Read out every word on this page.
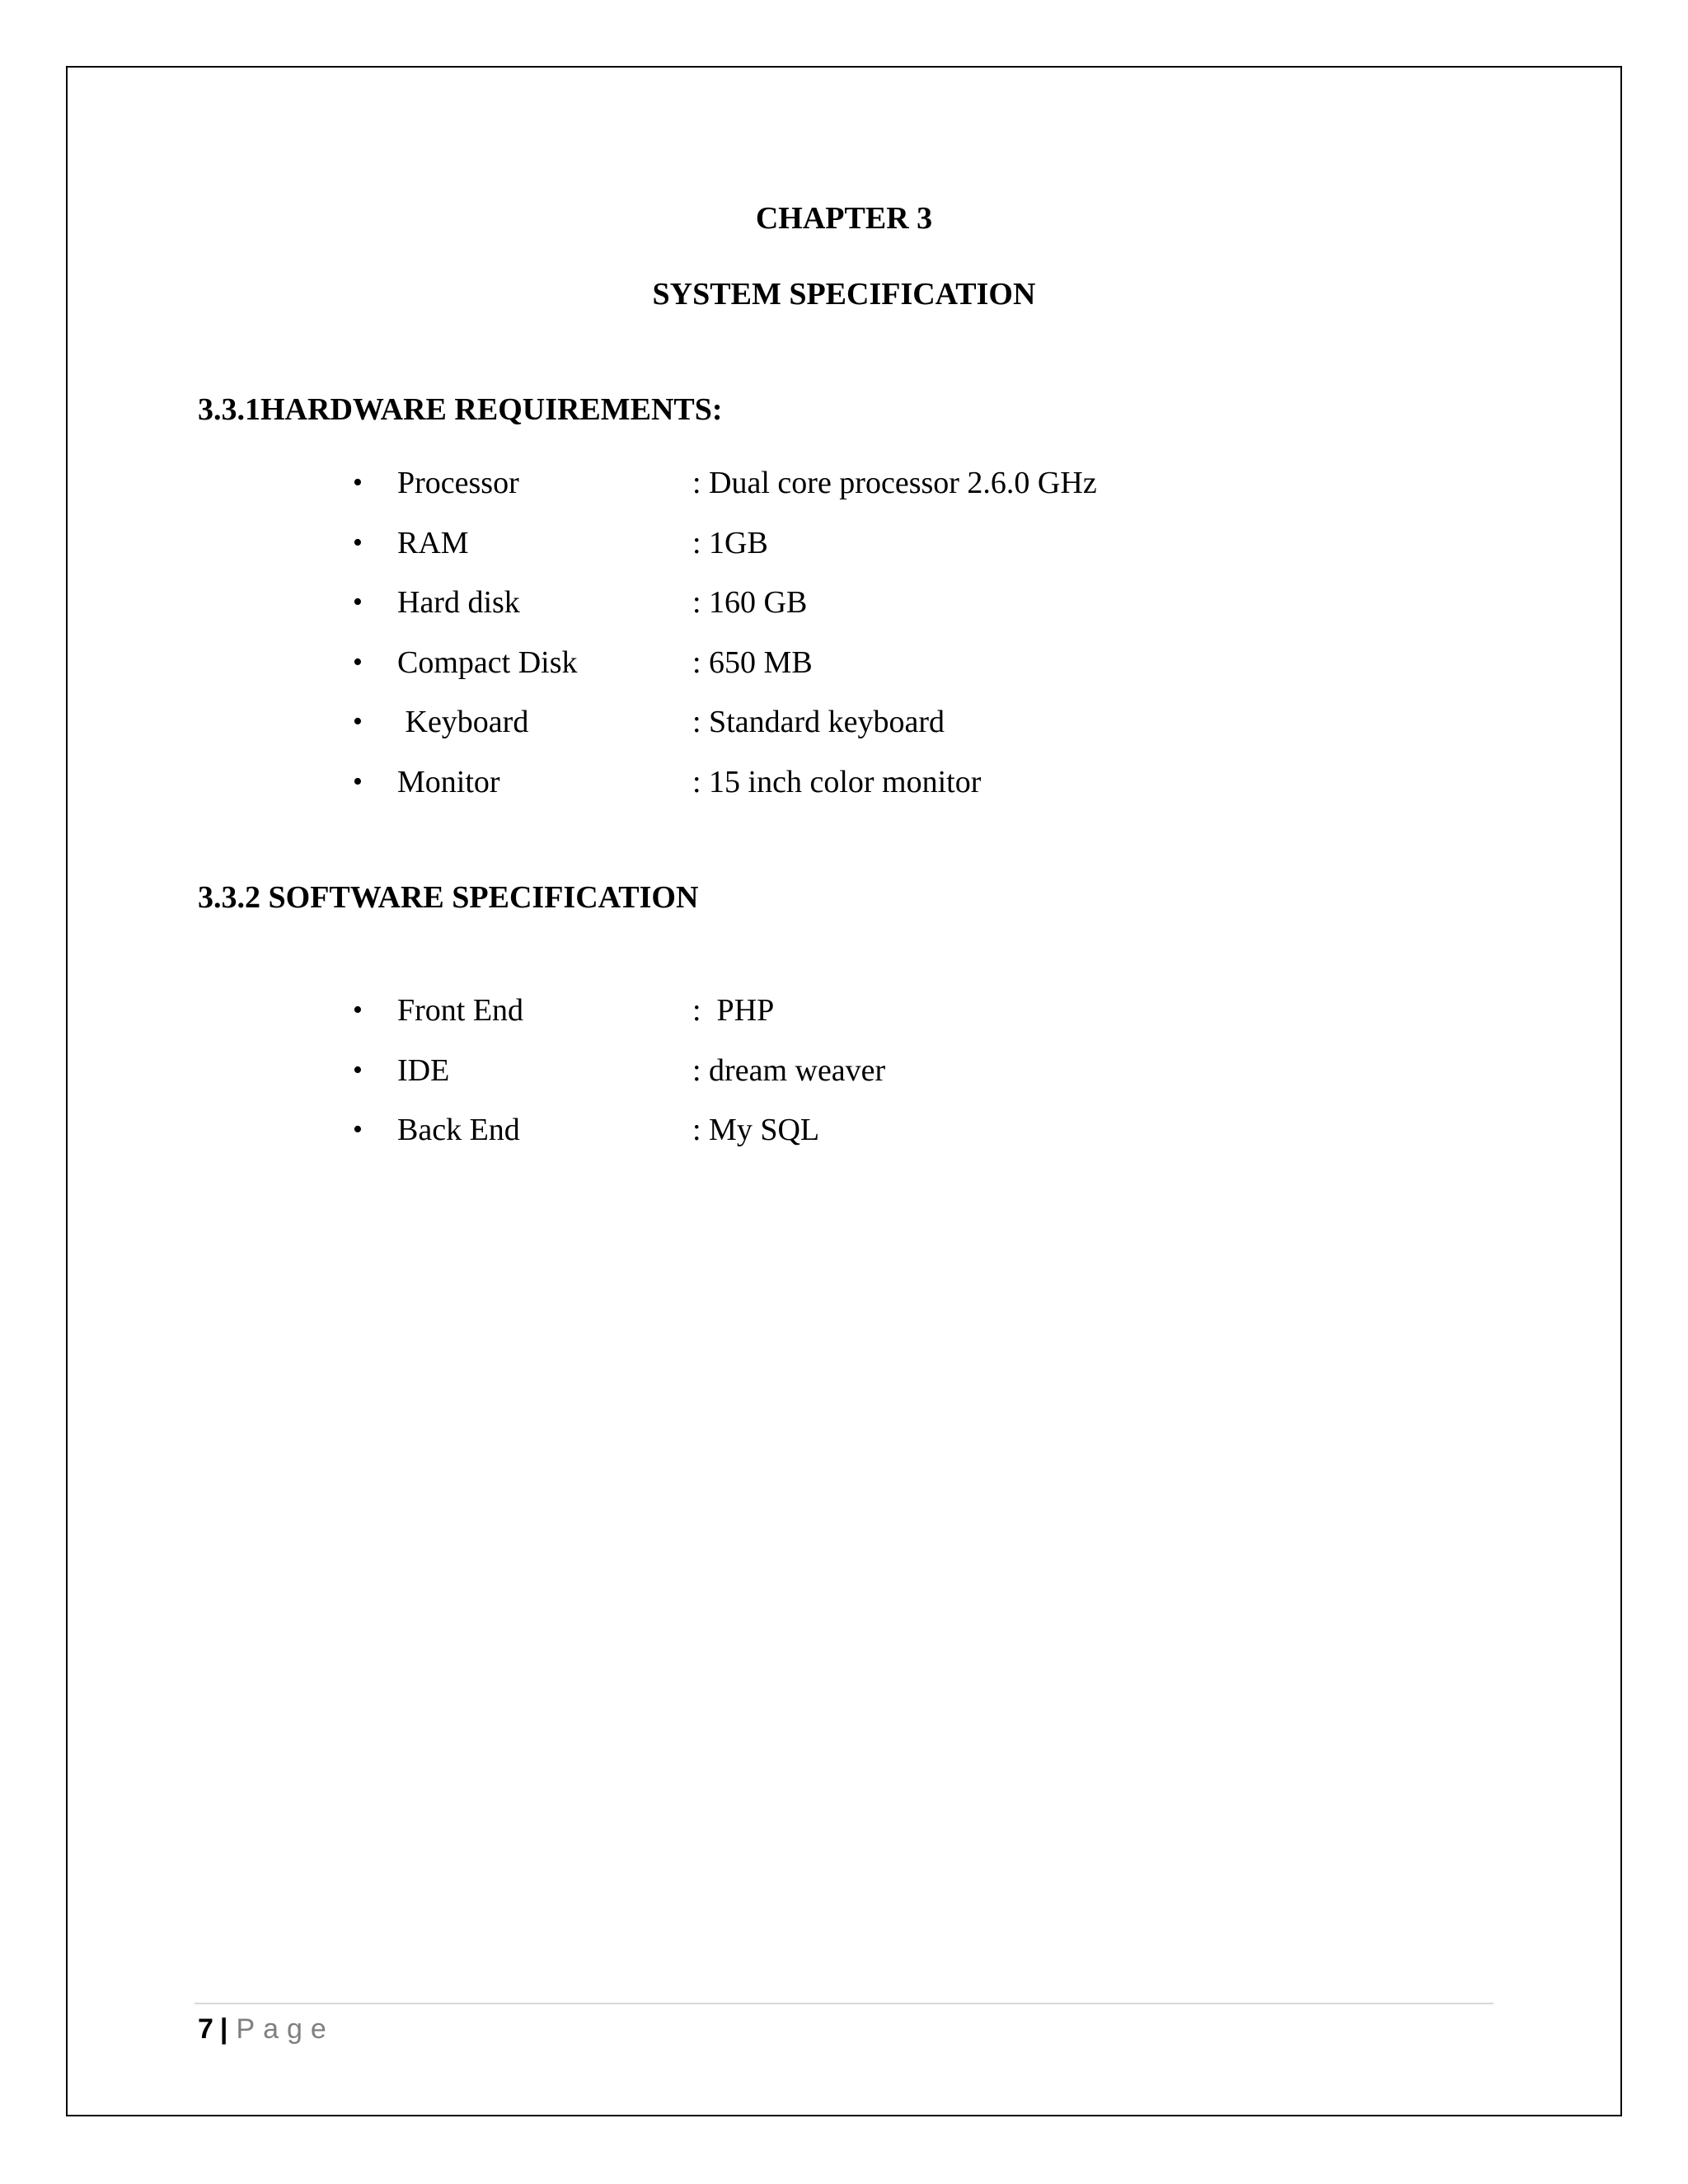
CHAPTER 3
SYSTEM SPECIFICATION
3.3.1HARDWARE REQUIREMENTS:
• Processor	: Dual core processor 2.6.0 GHz
• RAM	: 1GB
• Hard disk	: 160 GB
• Compact Disk	: 650 MB
• Keyboard	: Standard keyboard
• Monitor	: 15 inch color monitor
3.3.2 SOFTWARE SPECIFICATION
• Front End	:  PHP
• IDE	: dream weaver
• Back End	: My SQL
7 | Page
